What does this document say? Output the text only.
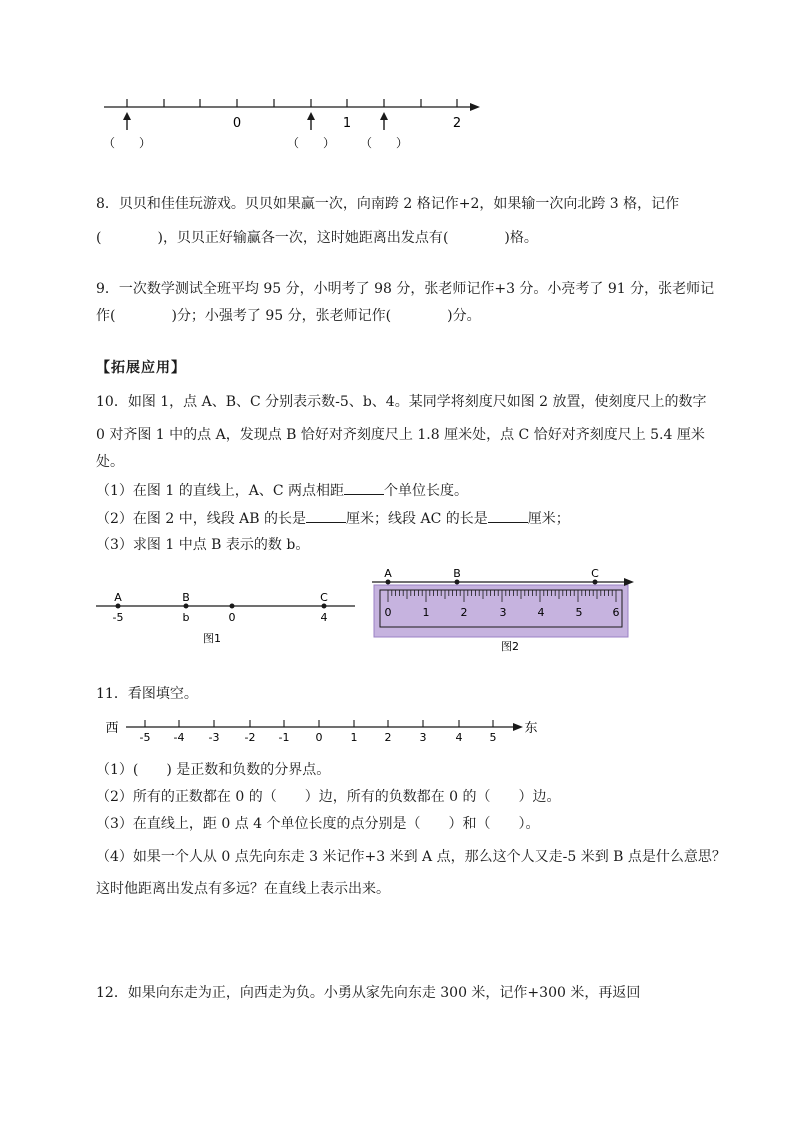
0	1	2
（　　）	（　　） （　　）
8．贝贝和佳佳玩游戏。贝贝如果赢一次，向南跨 2 格记作+2，如果输一次向北跨 3 格，记作
(　　　　)，贝贝正好输赢各一次，这时她距离出发点有(　　　　)格。
9．一次数学测试全班平均 95 分，小明考了 98 分，张老师记作+3 分。小亮考了 91 分，张老师记
作(　　　　)分；小强考了 95 分，张老师记作(　　　　)分。
【拓展应用】
10．如图 1，点 A、B、C 分别表示数-5、b、4。某同学将刻度尺如图 2 放置，使刻度尺上的数字
0 对齐图 1 中的点 A，发现点 B 恰好对齐刻度尺上 1.8 厘米处，点 C 恰好对齐刻度尺上 5.4 厘米
处。
（1）在图 1 的直线上，A、C 两点相距	个单位长度。
（2）在图 2 中，线段 AB 的长是	厘米；线段 AC 的长是	厘米；
（3）求图 1 中点 B 表示的数 b。
A	B	C
-5	b	0	4
图1
A	B	C
0	1	2	3	4	5	6
图2
11．看图填空。
西	东
-5 -4 -3 -2 -1 0	1 2	3	4 5
（1）(　　) 是正数和负数的分界点。
（2）所有的正数都在 0 的（　　）边，所有的负数都在 0 的（　　）边。
（3）在直线上，距 0 点 4 个单位长度的点分别是（　　）和（　　）。
（4）如果一个人从 0 点先向东走 3 米记作+3 米到 A 点，那么这个人又走-5 米到 B 点是什么意思？
这时他距离出发点有多远？在直线上表示出来。
12．如果向东走为正，向西走为负。小勇从家先向东走 300 米，记作+300 米，再返回
